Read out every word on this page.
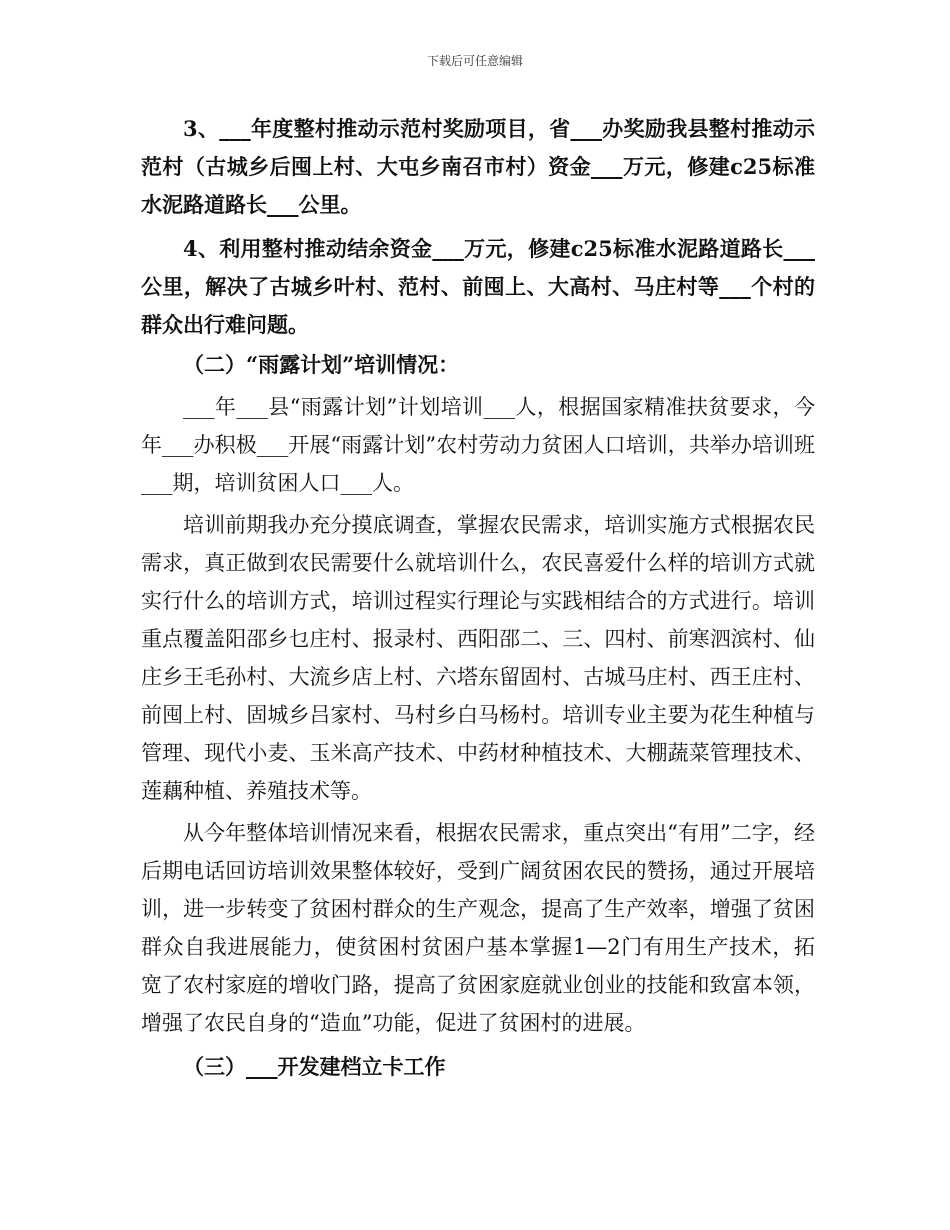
下载后可任意编辑

3、___年度整村推动示范村奖励项目，省___办奖励我县整村推动示范村（古城乡后囤上村、大屯乡南召市村）资金___万元，修建c25标准水泥路道路长___公里。

4、利用整村推动结余资金___万元，修建c25标准水泥路道路长___公里，解决了古城乡叶村、范村、前囤上、大高村、马庄村等___个村的群众出行难问题。

（二）“雨露计划”培训情况：

___年___县“雨露计划”计划培训___人，根据国家精准扶贫要求，今年___办积极___开展“雨露计划”农村劳动力贫困人口培训，共举办培训班___期，培训贫困人口___人。

培训前期我办充分摸底调查，掌握农民需求，培训实施方式根据农民需求，真正做到农民需要什么就培训什么，农民喜爱什么样的培训方式就实行什么的培训方式，培训过程实行理论与实践相结合的方式进行。培训重点覆盖阳邵乡乜庄村、报录村、西阳邵二、三、四村、前寒泗滨村、仙庄乡王毛孙村、大流乡店上村、六塔东留固村、古城马庄村、西王庄村、前囤上村、固城乡吕家村、马村乡白马杨村。培训专业主要为花生种植与管理、现代小麦、玉米高产技术、中药材种植技术、大棚蔬菜管理技术、莲藕种植、养殖技术等。

从今年整体培训情况来看，根据农民需求，重点突出“有用”二字，经后期电话回访培训效果整体较好，受到广阔贫困农民的赞扬，通过开展培训，进一步转变了贫困村群众的生产观念，提高了生产效率，增强了贫困群众自我进展能力，使贫困村贫困户基本掌握1—2门有用生产技术，拓宽了农村家庭的增收门路，提高了贫困家庭就业创业的技能和致富本领，增强了农民自身的“造血”功能，促进了贫困村的进展。

（三）___开发建档立卡工作
